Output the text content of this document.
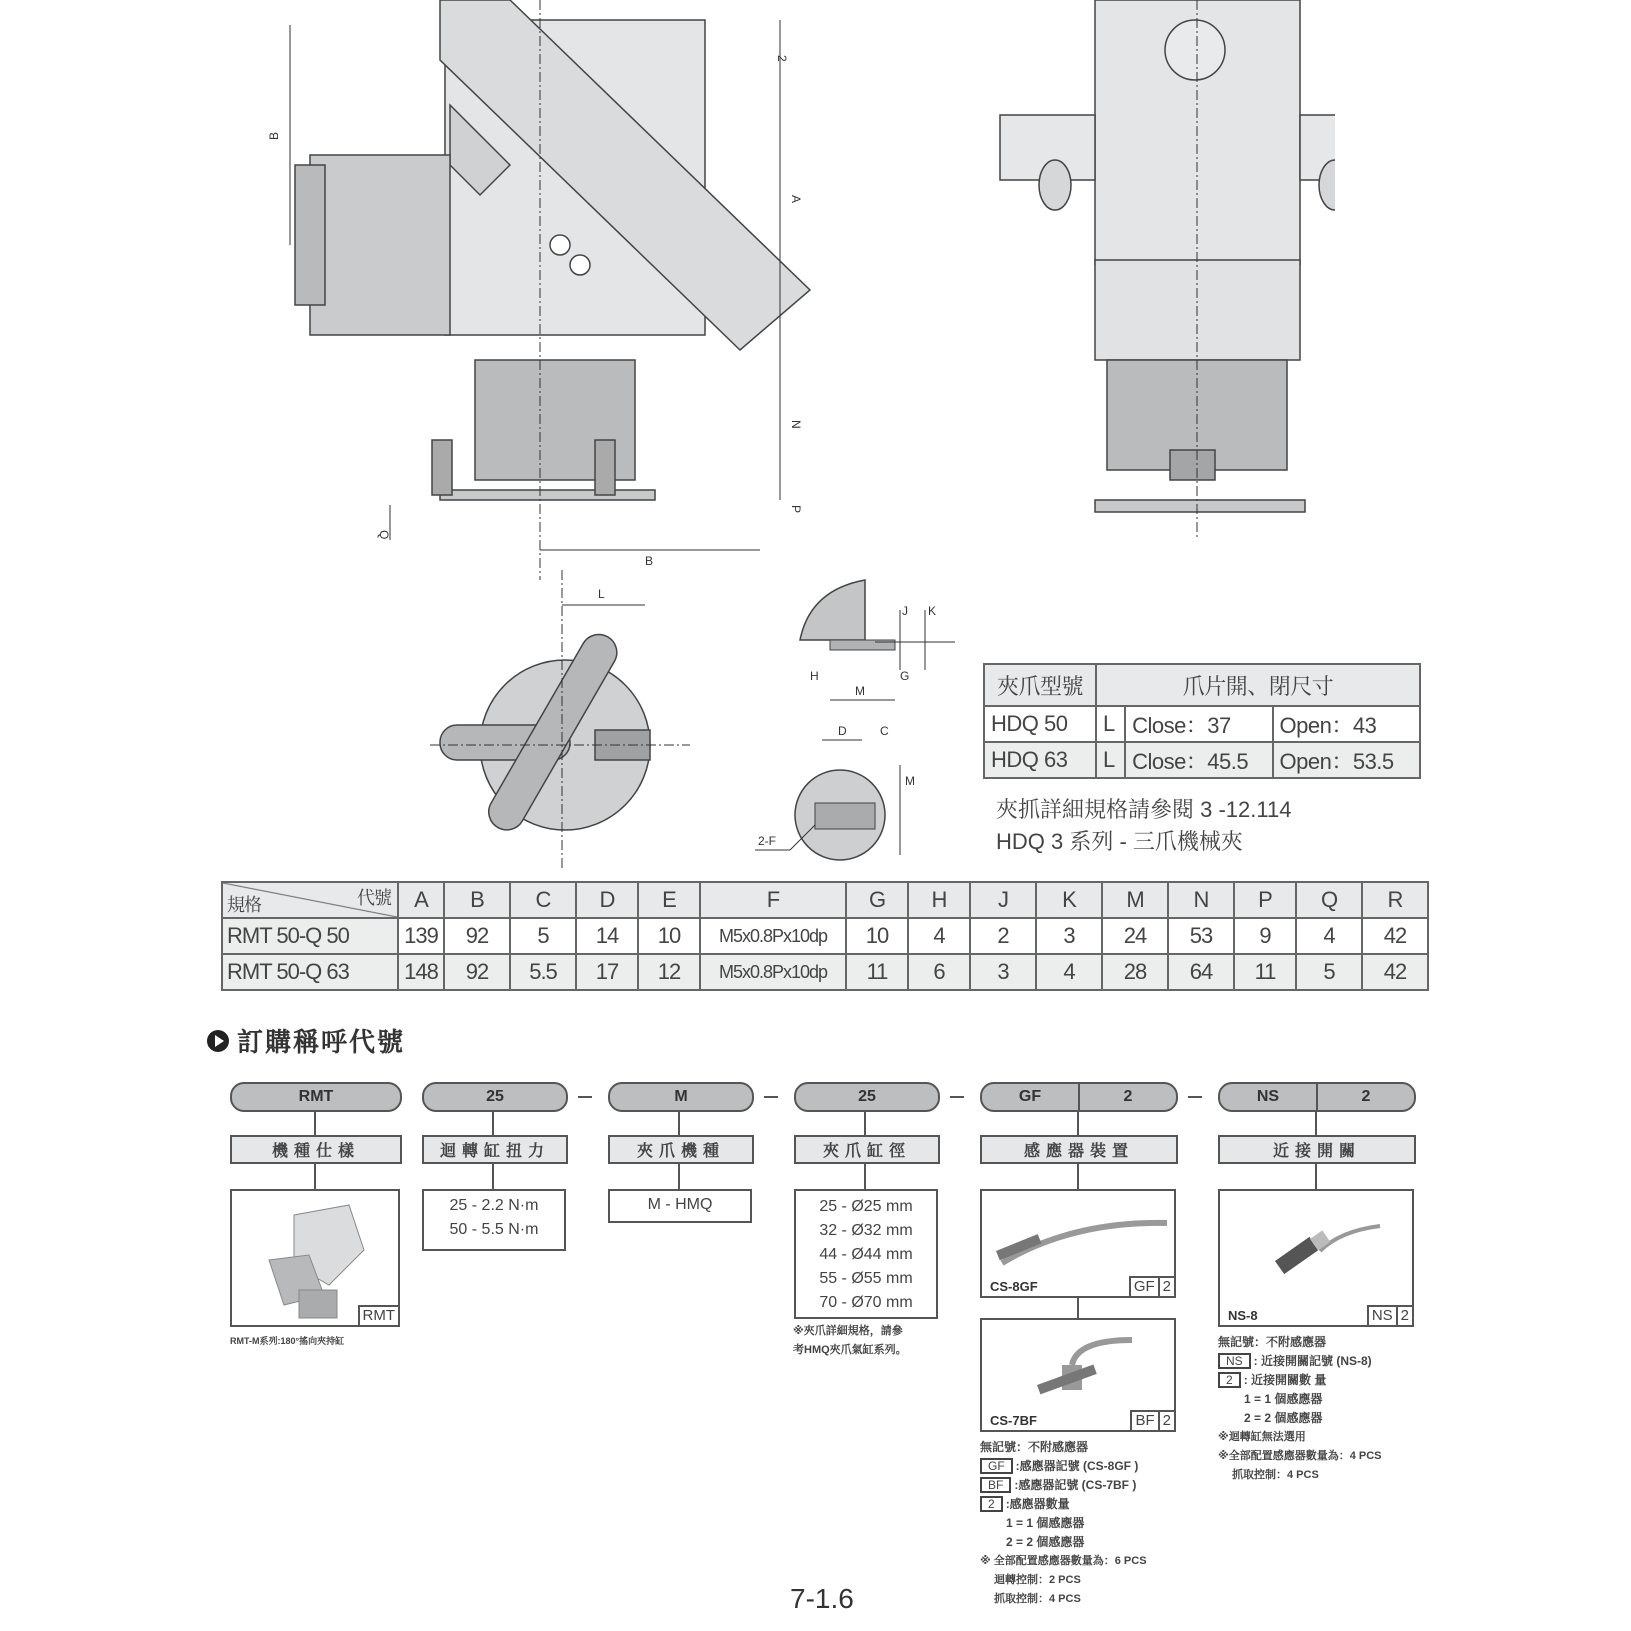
B
A
N
P
Q
2
B
L
J K
H	G
M
D	C
M
2-F
夾爪型號	爪片開、閉尺寸		
HDQ 50	L	Close：37	Open：43
HDQ 63	L	Close：45.5	Open：53.5
夾抓詳細規格請參閱 3 -12.114
HDQ 3 系列 - 三爪機械夾
代號
規格	A	B	C	D	E	F	G	H	J	K	M	N	P	Q	R
RMT 50-Q 50	139	92	5	14	10	M5x0.8Px10dp	10	4	2	3	24	53	9	4	42
RMT 50-Q 63	148	92	5.5	17	12	M5x0.8Px10dp	11	6	3	4	28	64	11	5	42
訂購稱呼代號
RMT	25	M	25	GF	2	NS	2
機種仕樣	迴轉缸扭力	夾爪機種	夾爪缸徑	感應器裝置	近接開關
RMT
RMT-M系列:180°搖向夾持缸
25 - 2.2 N·m
50 - 5.5 N·m
M - HMQ	25 - Ø25 mm
32 - Ø32 mm
44 - Ø44 mm
55 - Ø55 mm
70 - Ø70 mm
※夾爪詳細規格，請參
考HMQ夾爪氣缸系列。
CS-8GF	GF 2
CS-7BF	BF 2
無記號：不附感應器
GF :感應器記號 (CS-8GF )
BF :感應器記號 (CS-7BF )
2 :感應器數量
1 = 1 個感應器
2 = 2 個感應器
※ 全部配置感應器數量為：6 PCS
迴轉控制：2 PCS
抓取控制：4 PCS
NS-8	NS 2
無記號：不附感應器
NS : 近接開關記號 (NS-8)
2 : 近接開關數 量
1 = 1 個感應器
2 = 2 個感應器
※迴轉缸無法選用
※全部配置感應器數量為：4 PCS
抓取控制：4 PCS
7-1.6
